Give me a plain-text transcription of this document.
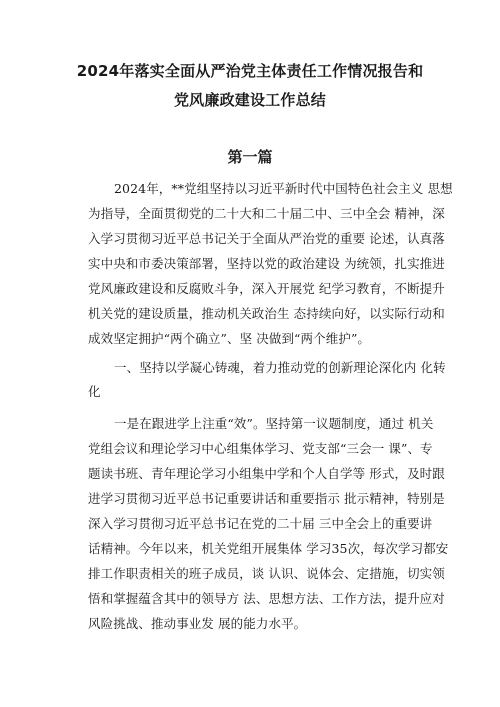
2024年落实全面从严治党主体责任工作情况报告和
党风廉政建设工作总结
第一篇
2024年，**党组坚持以习近平新时代中国特色社会主义 思想
为指导，全面贯彻党的二十大和二十届二中、三中全会 精神，深
入学习贯彻习近平总书记关于全面从严治党的重要 论述，认真落
实中央和市委决策部署，坚持以党的政治建设 为统领，扎实推进
党风廉政建设和反腐败斗争，深入开展党 纪学习教育，不断提升
机关党的建设质量，推动机关政治生 态持续向好，以实际行动和
成效坚定拥护“两个确立”、坚 决做到“两个维护”。
一、坚持以学凝心铸魂，着力推动党的创新理论深化内 化转
化
一是在跟进学上注重“效”。坚持第一议题制度，通过 机关
党组会议和理论学习中心组集体学习、党支部“三会一 课”、专
题读书班、青年理论学习小组集中学和个人自学等 形式，及时跟
进学习贯彻习近平总书记重要讲话和重要指示 批示精神，特别是
深入学习贯彻习近平总书记在党的二十届 三中全会上的重要讲
话精神。今年以来，机关党组开展集体 学习35次，每次学习都安
排工作职责相关的班子成员，谈 认识、说体会、定措施，切实领
悟和掌握蕴含其中的领导方 法、思想方法、工作方法，提升应对
风险挑战、推动事业发 展的能力水平。
